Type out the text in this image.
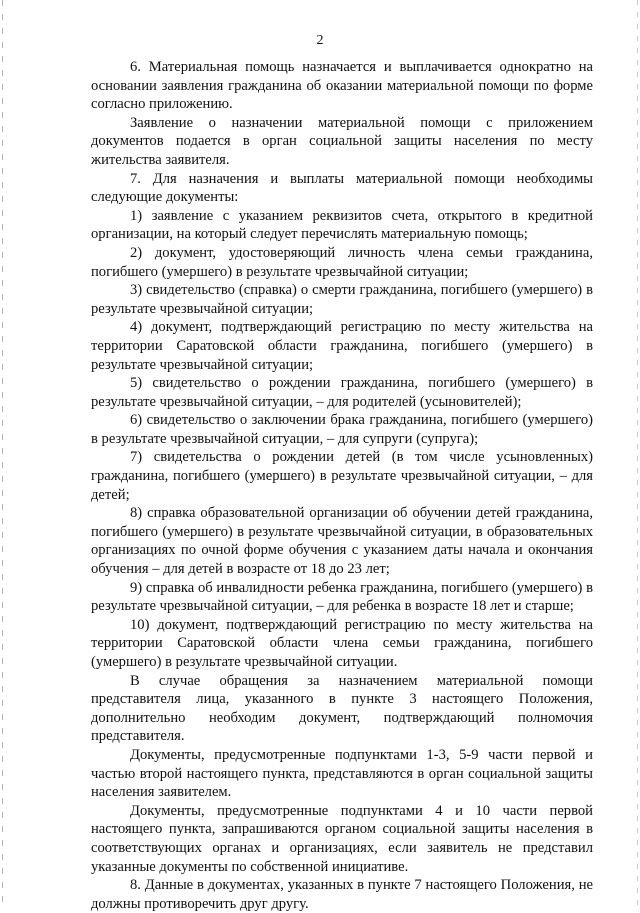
2

6. Материальная помощь назначается и выплачивается однократно на основании заявления гражданина об оказании материальной помощи по форме согласно приложению.

Заявление о назначении материальной помощи с приложением документов подается в орган социальной защиты населения по месту жительства заявителя.

7. Для назначения и выплаты материальной помощи необходимы следующие документы:

1) заявление с указанием реквизитов счета, открытого в кредитной организации, на который следует перечислять материальную помощь;

2) документ, удостоверяющий личность члена семьи гражданина, погибшего (умершего) в результате чрезвычайной ситуации;

3) свидетельство (справка) о смерти гражданина, погибшего (умершего) в результате чрезвычайной ситуации;

4) документ, подтверждающий регистрацию по месту жительства на территории Саратовской области гражданина, погибшего (умершего) в результате чрезвычайной ситуации;

5) свидетельство о рождении гражданина, погибшего (умершего) в результате чрезвычайной ситуации, – для родителей (усыновителей);

6) свидетельство о заключении брака гражданина, погибшего (умершего) в результате чрезвычайной ситуации, – для супруги (супруга);

7) свидетельства о рождении детей (в том числе усыновленных) гражданина, погибшего (умершего) в результате чрезвычайной ситуации, – для детей;

8) справка образовательной организации об обучении детей гражданина, погибшего (умершего) в результате чрезвычайной ситуации, в образовательных организациях по очной форме обучения с указанием даты начала и окончания обучения – для детей в возрасте от 18 до 23 лет;

9) справка об инвалидности ребенка гражданина, погибшего (умершего) в результате чрезвычайной ситуации, – для ребенка в возрасте 18 лет и старше;

10) документ, подтверждающий регистрацию по месту жительства на территории Саратовской области члена семьи гражданина, погибшего (умершего) в результате чрезвычайной ситуации.

В случае обращения за назначением материальной помощи представителя лица, указанного в пункте 3 настоящего Положения, дополнительно необходим документ, подтверждающий полномочия представителя.

Документы, предусмотренные подпунктами 1-3, 5-9 части первой и частью второй настоящего пункта, представляются в орган социальной защиты населения заявителем.

Документы, предусмотренные подпунктами 4 и 10 части первой настоящего пункта, запрашиваются органом социальной защиты населения в соответствующих органах и организациях, если заявитель не представил указанные документы по собственной инициативе.

8. Данные в документах, указанных в пункте 7 настоящего Положения, не должны противоречить друг другу.
